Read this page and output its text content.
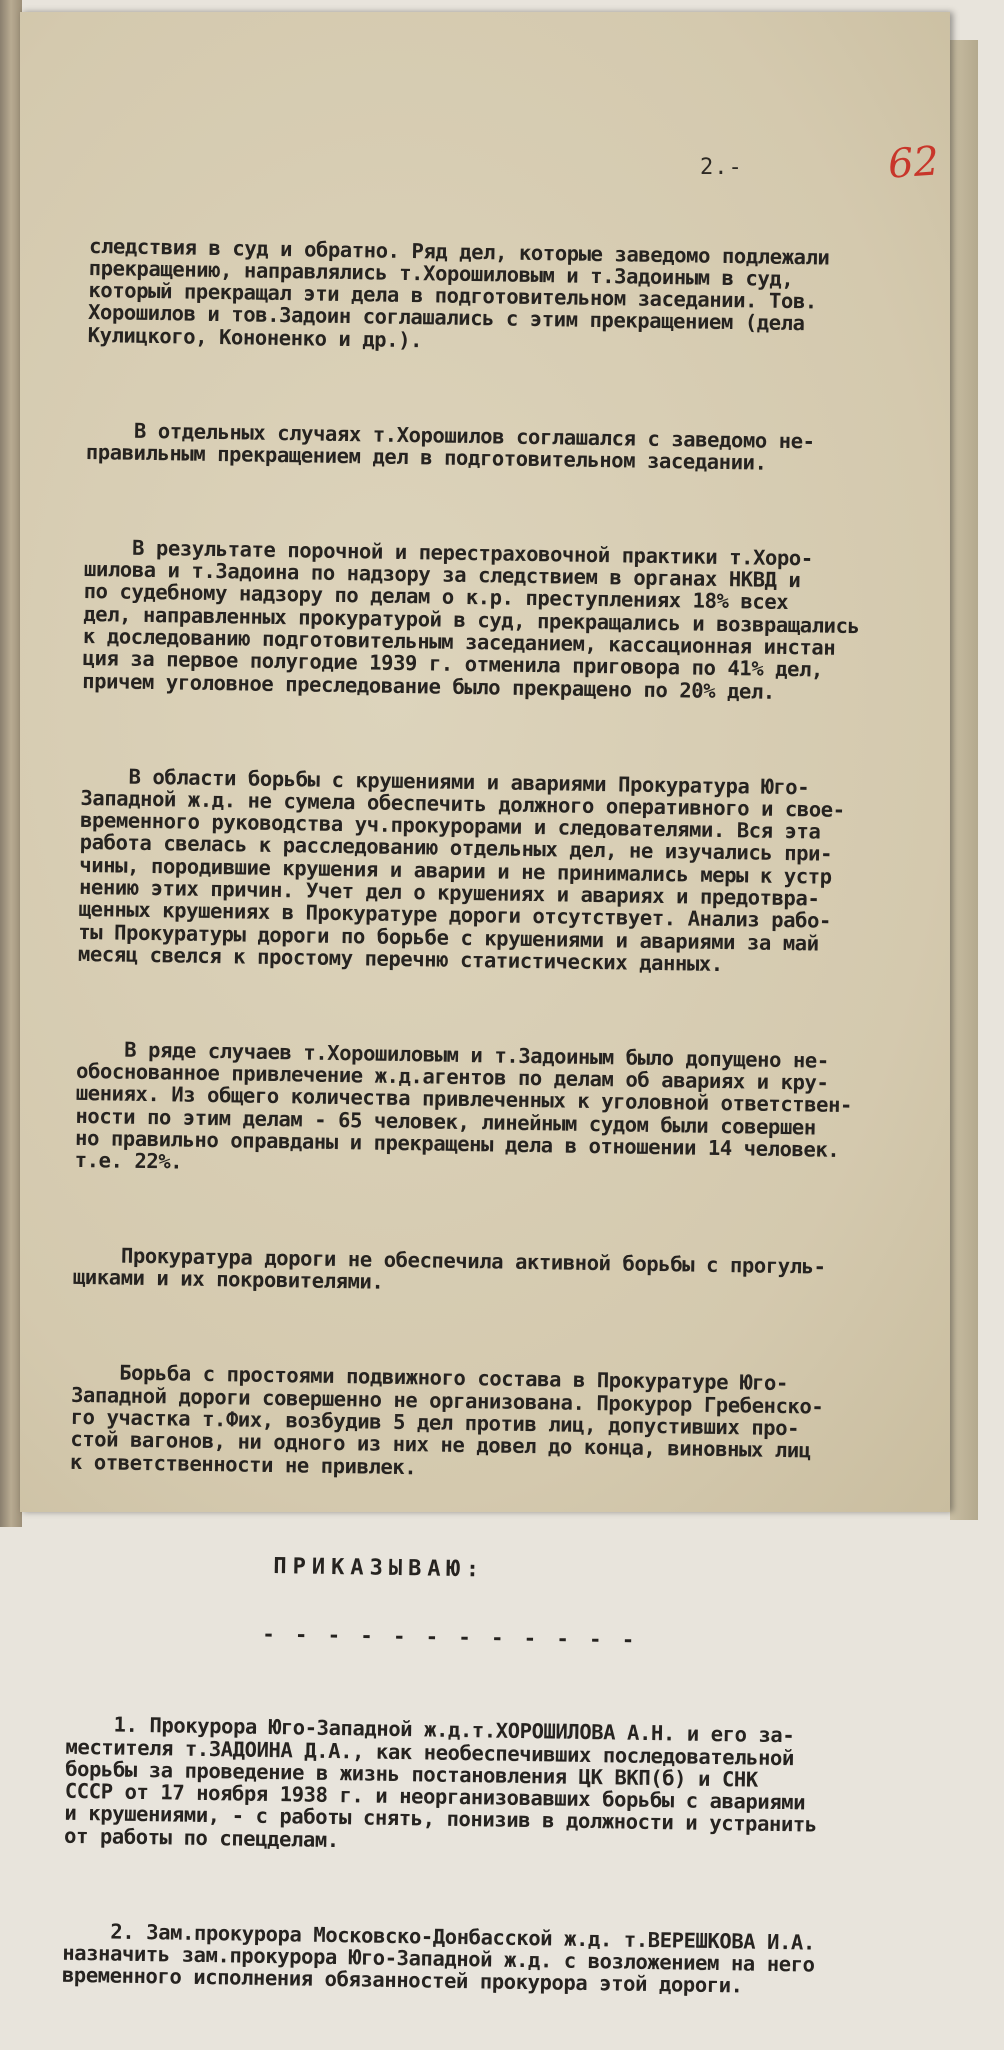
2.-	62

следствия в суд и обратно. Ряд дел, которые заведомо подлежали
прекращению, направлялись т.Хорошиловым и т.Задоиным в суд,
который прекращал эти дела в подготовительном заседании. Тов.
Хорошилов и тов.Задоин соглашались с этим прекращением (дела
Кулицкого, Кононенко и др.).

В отдельных случаях т.Хорошилов соглашался с заведомо не-
правильным прекращением дел в подготовительном заседании.

В результате порочной и перестраховочной практики т.Хоро-
шилова и т.Задоина по надзору за следствием в органах НКВД и
по судебному надзору по делам о к.р. преступлениях 18% всех
дел, направленных прокуратурой в суд, прекращались и возвращались
к доследованию подготовительным заседанием, кассационная инстан
ция за первое полугодие 1939 г. отменила приговора по 41% дел,
причем уголовное преследование было прекращено по 20% дел.

В области борьбы с крушениями и авариями Прокуратура Юго-
Западной ж.д. не сумела обеспечить должного оперативного и свое-
временного руководства уч.прокурорами и следователями. Вся эта
работа свелась к расследованию отдельных дел, не изучались при-
чины, породившие крушения и аварии и не принимались меры к устр
нению этих причин. Учет дел о крушениях и авариях и предотвра-
щенных крушениях в Прокуратуре дороги отсутствует. Анализ рабо-
ты Прокуратуры дороги по борьбе с крушениями и авариями за май
месяц свелся к простому перечню статистических данных.

В ряде случаев т.Хорошиловым и т.Задоиным было допущено не-
обоснованное привлечение ж.д.агентов по делам об авариях и кру-
шениях. Из общего количества привлеченных к уголовной ответствен-
ности по этим делам - 65 человек, линейным судом были совершен
но правильно оправданы и прекращены дела в отношении 14 человек.
т.е. 22%.

Прокуратура дороги не обеспечила активной борьбы с прогуль-
щиками и их покровителями.

Борьба с простоями подвижного состава в Прокуратуре Юго-
Западной дороги совершенно не организована. Прокурор Гребенско-
го участка т.Фих, возбудив 5 дел против лиц, допустивших про-
стой вагонов, ни одного из них не довел до конца, виновных лиц
к ответственности не привлек.

ПРИКАЗЫВАЮ:

- - - - - - - - - - - -

1. Прокурора Юго-Западной ж.д.т.ХОРОШИЛОВА А.Н. и его за-
местителя т.ЗАДОИНА Д.А., как необеспечивших последовательной
борьбы за проведение в жизнь постановления ЦК ВКП(б) и СНК
СССР от 17 ноября 1938 г. и неорганизовавших борьбы с авариями
и крушениями, - с работы снять, понизив в должности и устранить
от работы по спецделам.

2. Зам.прокурора Московско-Донбасской ж.д. т.ВЕРЕШКОВА И.А.
назначить зам.прокурора Юго-Западной ж.д. с возложением на него
временного исполнения обязанностей прокурора этой дороги.
